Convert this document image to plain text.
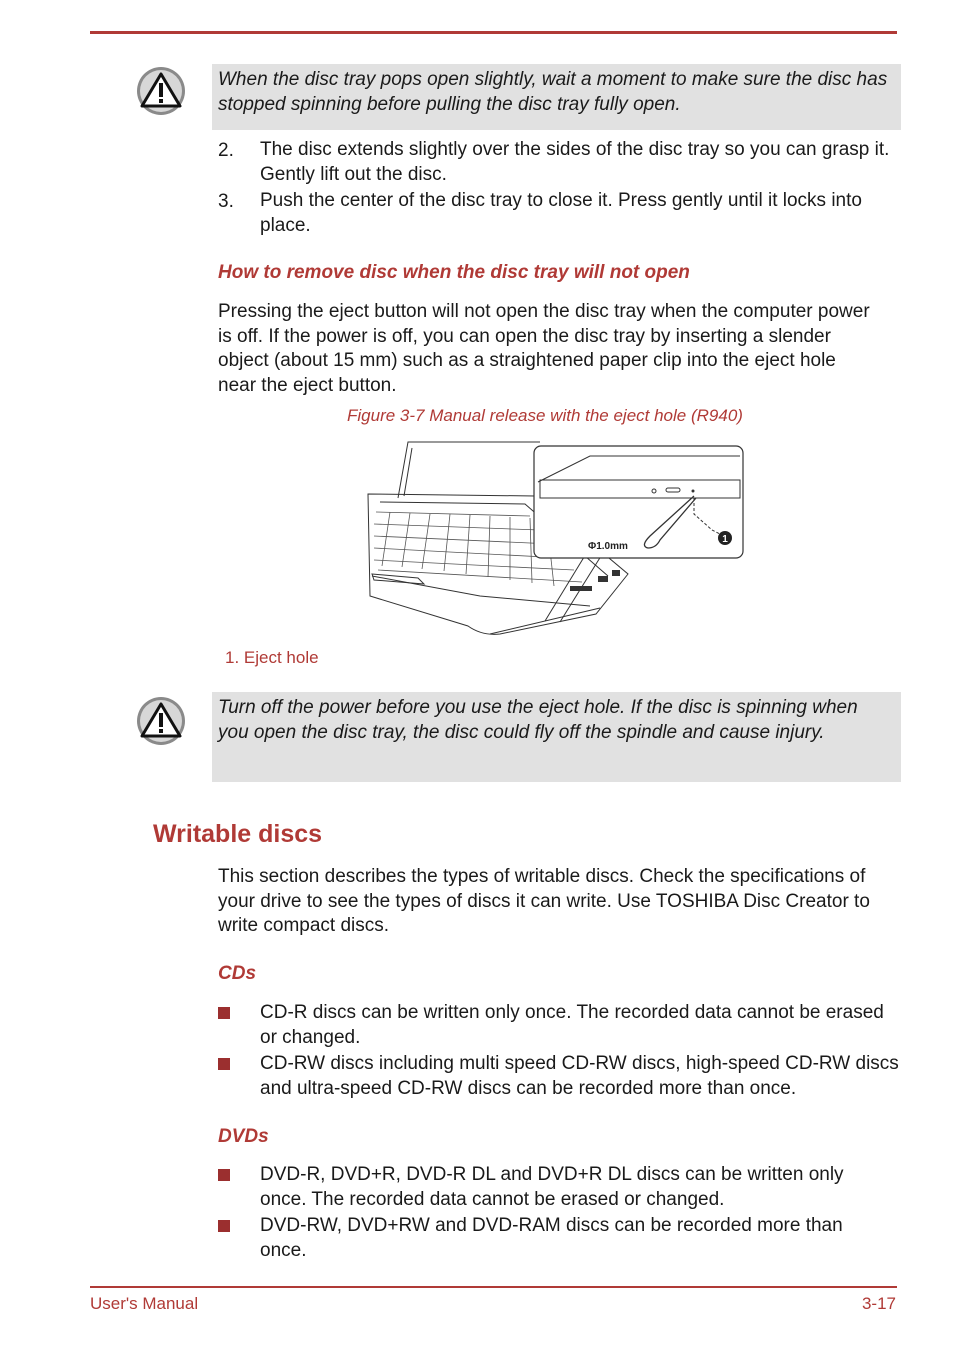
When the disc tray pops open slightly, wait a moment to make sure the disc has stopped spinning before pulling the disc tray fully open.
2. The disc extends slightly over the sides of the disc tray so you can grasp it. Gently lift out the disc.
3. Push the center of the disc tray to close it. Press gently until it locks into place.
How to remove disc when the disc tray will not open
Pressing the eject button will not open the disc tray when the computer power is off. If the power is off, you can open the disc tray by inserting a slender object (about 15 mm) such as a straightened paper clip into the eject hole near the eject button.
Figure 3-7 Manual release with the eject hole (R940)
1
Φ1.0mm
1. Eject hole
Turn off the power before you use the eject hole. If the disc is spinning when you open the disc tray, the disc could fly off the spindle and cause injury.
Writable discs
This section describes the types of writable discs. Check the specifications of your drive to see the types of discs it can write. Use TOSHIBA Disc Creator to write compact discs.
CDs
CD-R discs can be written only once. The recorded data cannot be erased or changed.
CD-RW discs including multi speed CD-RW discs, high-speed CD-RW discs and ultra-speed CD-RW discs can be recorded more than once.
DVDs
DVD-R, DVD+R, DVD-R DL and DVD+R DL discs can be written only once. The recorded data cannot be erased or changed.
DVD-RW, DVD+RW and DVD-RAM discs can be recorded more than once.
User's Manual	3-17
